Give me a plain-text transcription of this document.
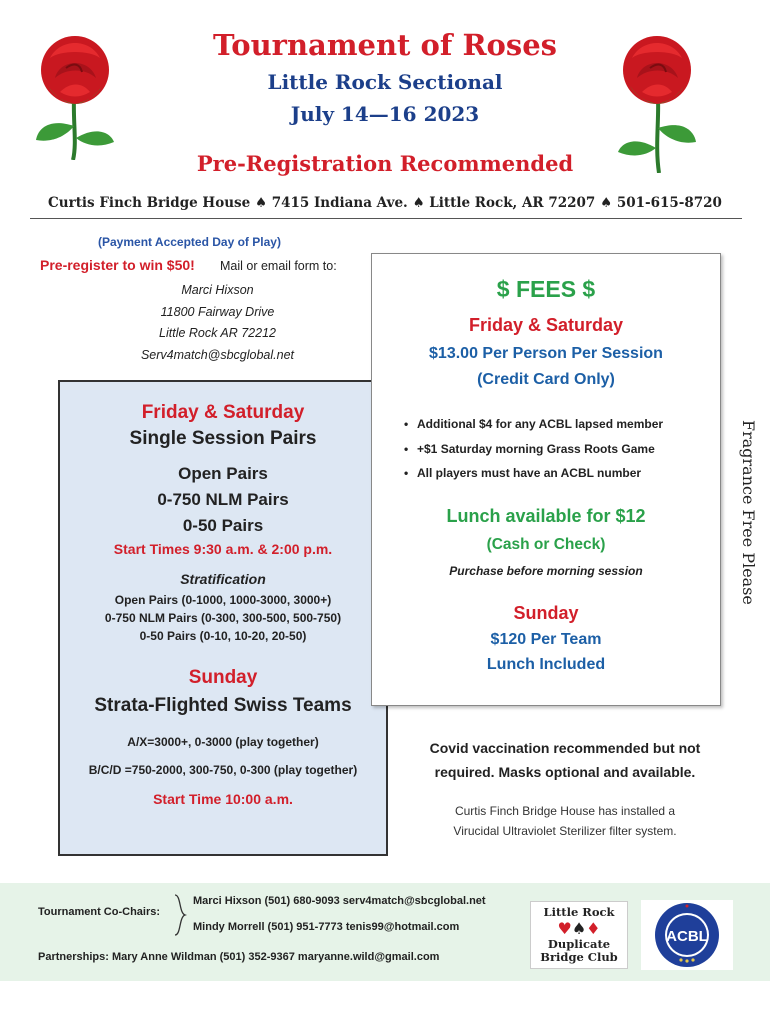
Tournament of Roses
Little Rock Sectional
July 14—16 2023
Pre-Registration Recommended
Curtis Finch Bridge House ♠ 7415 Indiana Ave. ♠ Little Rock, AR 72207 ♠ 501-615-8720
(Payment Accepted Day of Play)
Pre-register to win $50! Mail or email form to:
Marci Hixson
11800 Fairway Drive
Little Rock AR 72212
Serv4match@sbcglobal.net
Friday & Saturday
Single Session Pairs
Open Pairs
0-750 NLM Pairs
0-50 Pairs
Start Times 9:30 a.m. & 2:00 p.m.
Stratification
Open Pairs (0-1000, 1000-3000, 3000+)
0-750 NLM Pairs (0-300, 300-500, 500-750)
0-50 Pairs (0-10, 10-20, 20-50)
Sunday
Strata-Flighted Swiss Teams
A/X=3000+, 0-3000 (play together)
B/C/D =750-2000, 300-750, 0-300 (play together)
Start Time 10:00 a.m.
$ FEES $
Friday & Saturday
$13.00 Per Person Per Session
(Credit Card Only)
• Additional $4 for any ACBL lapsed member
• +$1 Saturday morning Grass Roots Game
• All players must have an ACBL number
Lunch available for $12
(Cash or Check)
Purchase before morning session
Sunday
$120 Per Team
Lunch Included
Fragrance Free Please
Covid vaccination recommended but not
required. Masks optional and available.
Curtis Finch Bridge House has installed a
Virucidal Ultraviolet Sterilizer filter system.
Tournament Co-Chairs:
Marci Hixson (501) 680-9093 serv4match@sbcglobal.net
Mindy Morrell (501) 951-7773 tenis99@hotmail.com
Partnerships: Mary Anne Wildman (501) 352-9367 maryanne.wild@gmail.com
Little Rock
♥♠♦
Duplicate
Bridge Club
ACBL
